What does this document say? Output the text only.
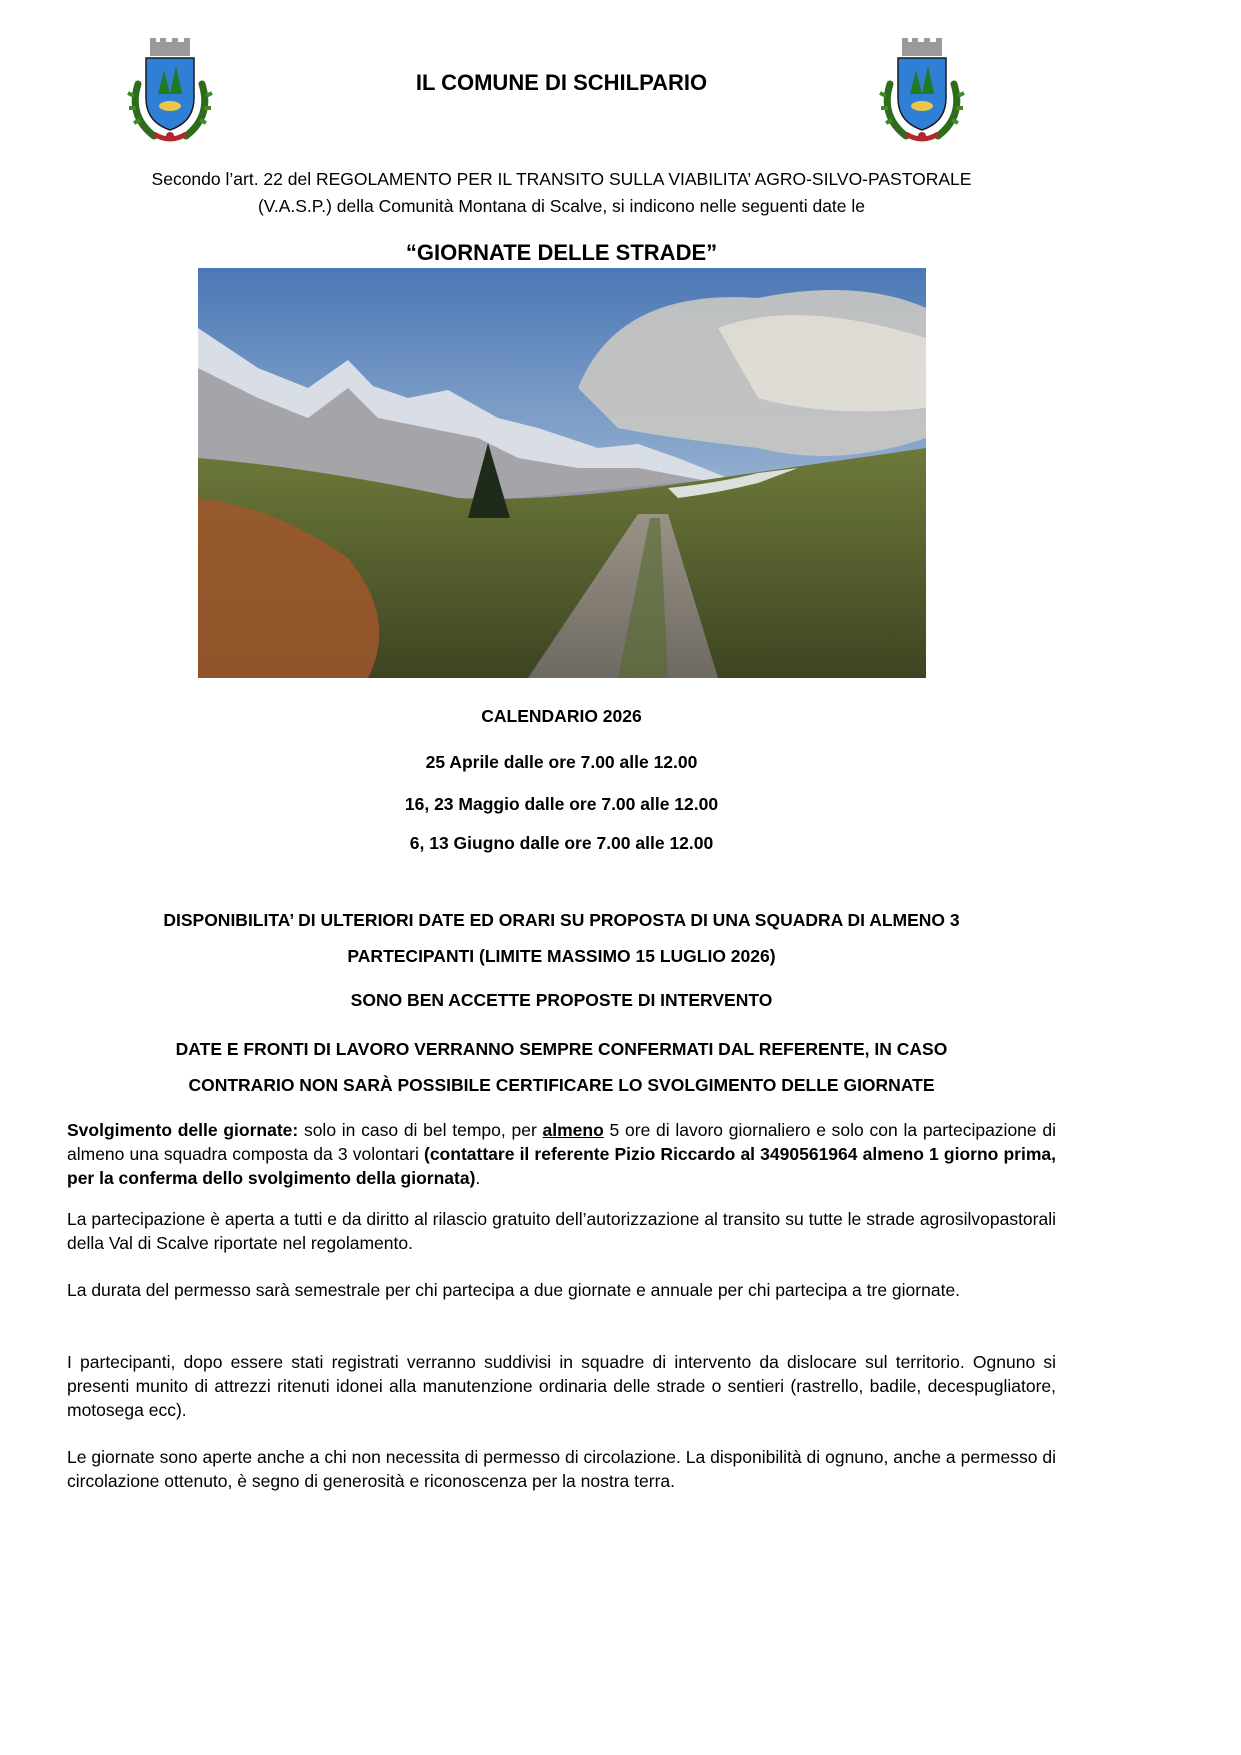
IL COMUNE DI SCHILPARIO
Secondo l’art. 22 del REGOLAMENTO PER IL TRANSITO SULLA VIABILITA’ AGRO-SILVO-PASTORALE
(V.A.S.P.) della Comunità Montana di Scalve, si indicono nelle seguenti date le
“GIORNATE DELLE STRADE”
CALENDARIO 2026
25 Aprile dalle ore 7.00 alle 12.00
16, 23 Maggio dalle ore 7.00 alle 12.00
6, 13 Giugno dalle ore 7.00 alle 12.00
DISPONIBILITA’ DI ULTERIORI DATE ED ORARI SU PROPOSTA DI UNA SQUADRA DI ALMENO 3
PARTECIPANTI (LIMITE MASSIMO 15 LUGLIO 2026)
SONO BEN ACCETTE PROPOSTE DI INTERVENTO
DATE E FRONTI DI LAVORO VERRANNO SEMPRE CONFERMATI DAL REFERENTE, IN CASO
CONTRARIO NON SARÀ POSSIBILE CERTIFICARE LO SVOLGIMENTO DELLE GIORNATE

Svolgimento delle giornate: solo in caso di bel tempo, per almeno 5 ore di lavoro giornaliero e solo con la partecipazione di almeno una squadra composta da 3 volontari (contattare il referente Pizio Riccardo al 3490561964 almeno 1 giorno prima, per la conferma dello svolgimento della giornata).

La partecipazione è aperta a tutti e da diritto al rilascio gratuito dell’autorizzazione al transito su tutte le strade agrosilvopastorali della Val di Scalve riportate nel regolamento.

La durata del permesso sarà semestrale per chi partecipa a due giornate e annuale per chi partecipa a tre giornate.

I partecipanti, dopo essere stati registrati verranno suddivisi in squadre di intervento da dislocare sul territorio. Ognuno si presenti munito di attrezzi ritenuti idonei alla manutenzione ordinaria delle strade o sentieri (rastrello, badile, decespugliatore, motosega ecc).

Le giornate sono aperte anche a chi non necessita di permesso di circolazione. La disponibilità di ognuno, anche a permesso di circolazione ottenuto, è segno di generosità e riconoscenza per la nostra terra.
